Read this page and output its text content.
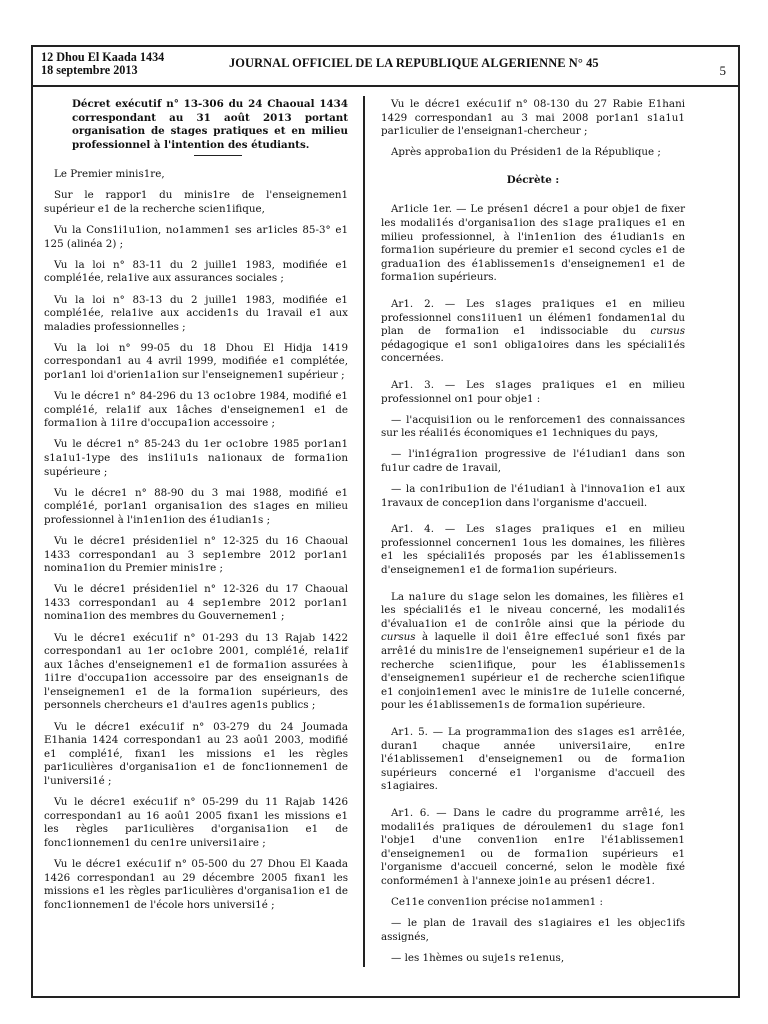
12 Dhou El Kaada 1434
18 septembre 2013	JOURNAL OFFICIEL DE LA REPUBLIQUE ALGERIENNE N° 45	5

Décret exécutif n° 13-306 du 24 Chaoual 1434 correspondant au 31 août 2013 portant organisation de stages pratiques et en milieu professionnel à l'intention des étudiants.

Le Premier minis1re,

Sur le rappor1 du minis1re de l'enseignemen1 supérieur e1 de la recherche scien1ifique,

Vu la Cons1i1u1ion, no1ammen1 ses ar1icles 85-3° e1 125 (alinéa 2) ;

Vu la loi n° 83-11 du 2 juille1 1983, modifiée e1 complé1ée, rela1ive aux assurances sociales ;

Vu la loi n° 83-13 du 2 juille1 1983, modifiée e1 complé1ée, rela1ive aux acciden1s du 1ravail e1 aux maladies professionnelles ;

Vu la loi n° 99-05 du 18 Dhou El Hidja 1419 correspondan1 au 4 avril 1999, modifiée e1 complétée, por1an1 loi d'orien1a1ion sur l'enseignemen1 supérieur ;

Vu le décre1 n° 84-296 du 13 oc1obre 1984, modifié e1 complé1é, rela1if aux 1âches d'enseignemen1 e1 de forma1ion à 1i1re d'occupa1ion accessoire ;

Vu le décre1 n° 85-243 du 1er oc1obre 1985 por1an1 s1a1u1-1ype des ins1i1u1s na1ionaux de forma1ion supérieure ;

Vu le décre1 n° 88-90 du 3 mai 1988, modifié e1 complé1é, por1an1 organisa1ion des s1ages en milieu professionnel à l'in1en1ion des é1udian1s ;

Vu le décre1 présiden1iel n° 12-325 du 16 Chaoual 1433 correspondan1 au 3 sep1embre 2012 por1an1 nomina1ion du Premier minis1re ;

Vu le décre1 présiden1iel n° 12-326 du 17 Chaoual 1433 correspondan1 au 4 sep1embre 2012 por1an1 nomina1ion des membres du Gouvernemen1 ;

Vu le décre1 exécu1if n° 01-293 du 13 Rajab 1422 correspondan1 au 1er oc1obre 2001, complé1é, rela1if aux 1âches d'enseignemen1 e1 de forma1ion assurées à 1i1re d'occupa1ion accessoire par des enseignan1s de l'enseignemen1 e1 de la forma1ion supérieurs, des personnels chercheurs e1 d'au1res agen1s publics ;

Vu le décre1 exécu1if n° 03-279 du 24 Joumada E1hania 1424 correspondan1 au 23 aoû1 2003, modifié e1 complé1é, fixan1 les missions e1 les règles par1iculières d'organisa1ion e1 de fonc1ionnemen1 de l'universi1é ;

Vu le décre1 exécu1if n° 05-299 du 11 Rajab 1426 correspondan1 au 16 aoû1 2005 fixan1 les missions e1 les règles par1iculières d'organisa1ion e1 de fonc1ionnemen1 du cen1re universi1aire ;

Vu le décre1 exécu1if n° 05-500 du 27 Dhou El Kaada 1426 correspondan1 au 29 décembre 2005 fixan1 les missions e1 les règles par1iculières d'organisa1ion e1 de fonc1ionnemen1 de l'école hors universi1é ;

Vu le décre1 exécu1if n° 08-130 du 27 Rabie E1hani 1429 correspondan1 au 3 mai 2008 por1an1 s1a1u1 par1iculier de l'enseignan1-chercheur ;

Après approba1ion du Présiden1 de la République ;

Décrète :

Ar1icle 1er. — Le présen1 décre1 a pour obje1 de fixer les modali1és d'organisa1ion des s1age pra1iques e1 en milieu professionnel, à l'in1en1ion des é1udian1s en forma1ion supérieure du premier e1 second cycles e1 de gradua1ion des é1ablissemen1s d'enseignemen1 e1 de forma1ion supérieurs.

Ar1. 2. — Les s1ages pra1iques e1 en milieu professionnel cons1i1uen1 un élémen1 fondamen1al du plan de forma1ion e1 indissociable du cursus pédagogique e1 son1 obliga1oires dans les spéciali1és concernées.

Ar1. 3. — Les s1ages pra1iques e1 en milieu professionnel on1 pour obje1 :

— l'acquisi1ion ou le renforcemen1 des connaissances sur les réali1és économiques e1 1echniques du pays,

— l'in1égra1ion progressive de l'é1udian1 dans son fu1ur cadre de 1ravail,

— la con1ribu1ion de l'é1udian1 à l'innova1ion e1 aux 1ravaux de concep1ion dans l'organisme d'accueil.

Ar1. 4. — Les s1ages pra1iques e1 en milieu professionnel concernen1 1ous les domaines, les filières e1 les spéciali1és proposés par les é1ablissemen1s d'enseignemen1 e1 de forma1ion supérieurs.

La na1ure du s1age selon les domaines, les filières e1 les spéciali1és e1 le niveau concerné, les modali1és d'évalua1ion e1 de con1rôle ainsi que la période du cursus à laquelle il doi1 ê1re effec1ué son1 fixés par arrê1é du minis1re de l'enseignemen1 supérieur e1 de la recherche scien1ifique, pour les é1ablissemen1s d'enseignemen1 supérieur e1 de recherche scien1ifique e1 conjoin1emen1 avec le minis1re de 1u1elle concerné, pour les é1ablissemen1s de forma1ion supérieure.

Ar1. 5. — La programma1ion des s1ages es1 arrê1ée, duran1 chaque année universi1aire, en1re l'é1ablissemen1 d'enseignemen1 ou de forma1ion supérieurs concerné e1 l'organisme d'accueil des s1agiaires.

Ar1. 6. — Dans le cadre du programme arrê1é, les modali1és pra1iques de déroulemen1 du s1age fon1 l'obje1 d'une conven1ion en1re l'é1ablissemen1 d'enseignemen1 ou de forma1ion supérieurs e1 l'organisme d'accueil concerné, selon le modèle fixé conformémen1 à l'annexe join1e au présen1 décre1.

Ce11e conven1ion précise no1ammen1 :

— le plan de 1ravail des s1agiaires e1 les objec1ifs assignés,

— les 1hèmes ou suje1s re1enus,
